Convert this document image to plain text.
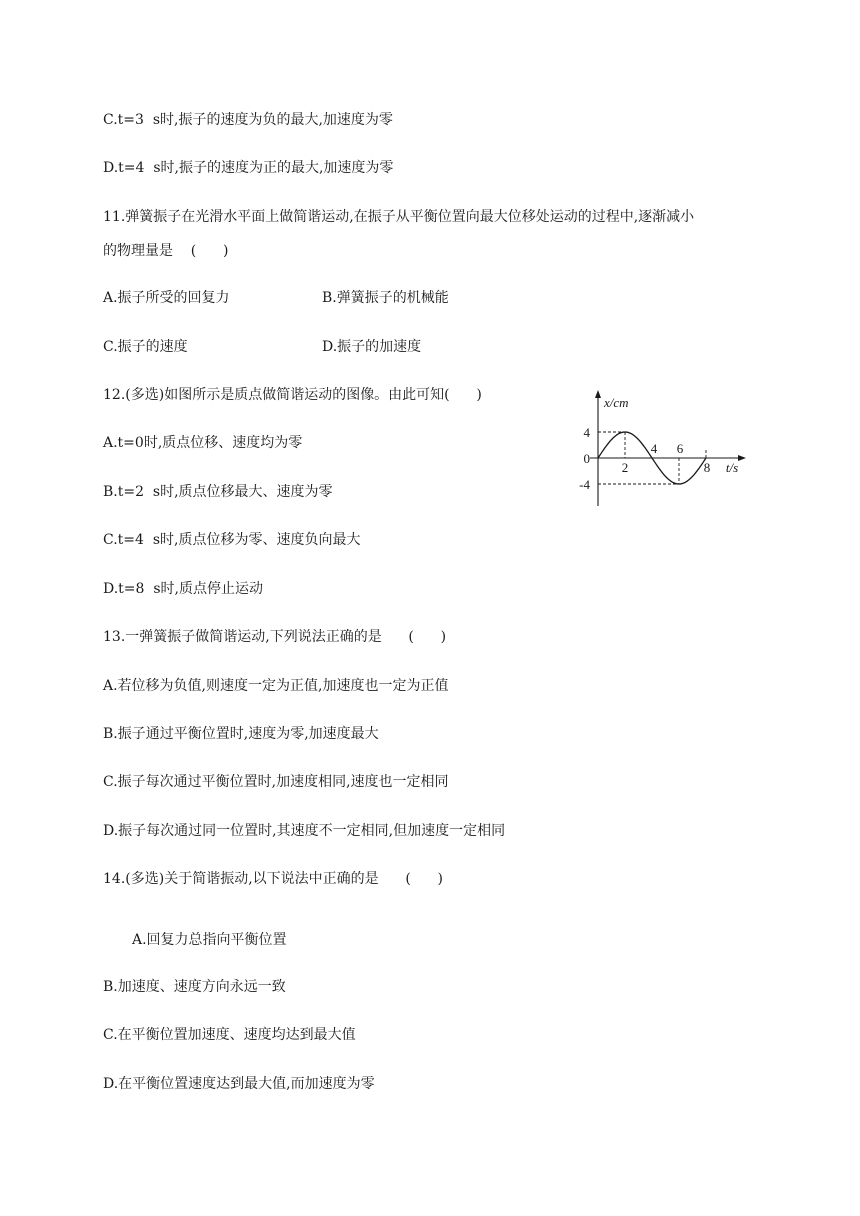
C.t=3  s时,振子的速度为负的最大,加速度为零
D.t=4  s时,振子的速度为正的最大,加速度为零
11.弹簧振子在光滑水平面上做简谐运动,在振子从平衡位置向最大位移处运动的过程中,逐渐减小
的物理量是    (      )
A.振子所受的回复力	B.弹簧振子的机械能
C.振子的速度	D.振子的加速度
12.(多选)如图所示是质点做简谐运动的图像。由此可知(      )
A.t=0时,质点位移、速度均为零
B.t=2  s时,质点位移最大、速度为零
C.t=4  s时,质点位移为零、速度负向最大
D.t=8  s时,质点停止运动
x/cm
t/s
4
0
-4
2
4 6
8
13.一弹簧振子做简谐运动,下列说法正确的是      (      )
A.若位移为负值,则速度一定为正值,加速度也一定为正值
B.振子通过平衡位置时,速度为零,加速度最大
C.振子每次通过平衡位置时,加速度相同,速度也一定相同
D.振子每次通过同一位置时,其速度不一定相同,但加速度一定相同
14.(多选)关于简谐振动,以下说法中正确的是      (      )
A.回复力总指向平衡位置
B.加速度、速度方向永远一致
C.在平衡位置加速度、速度均达到最大值
D.在平衡位置速度达到最大值,而加速度为零
